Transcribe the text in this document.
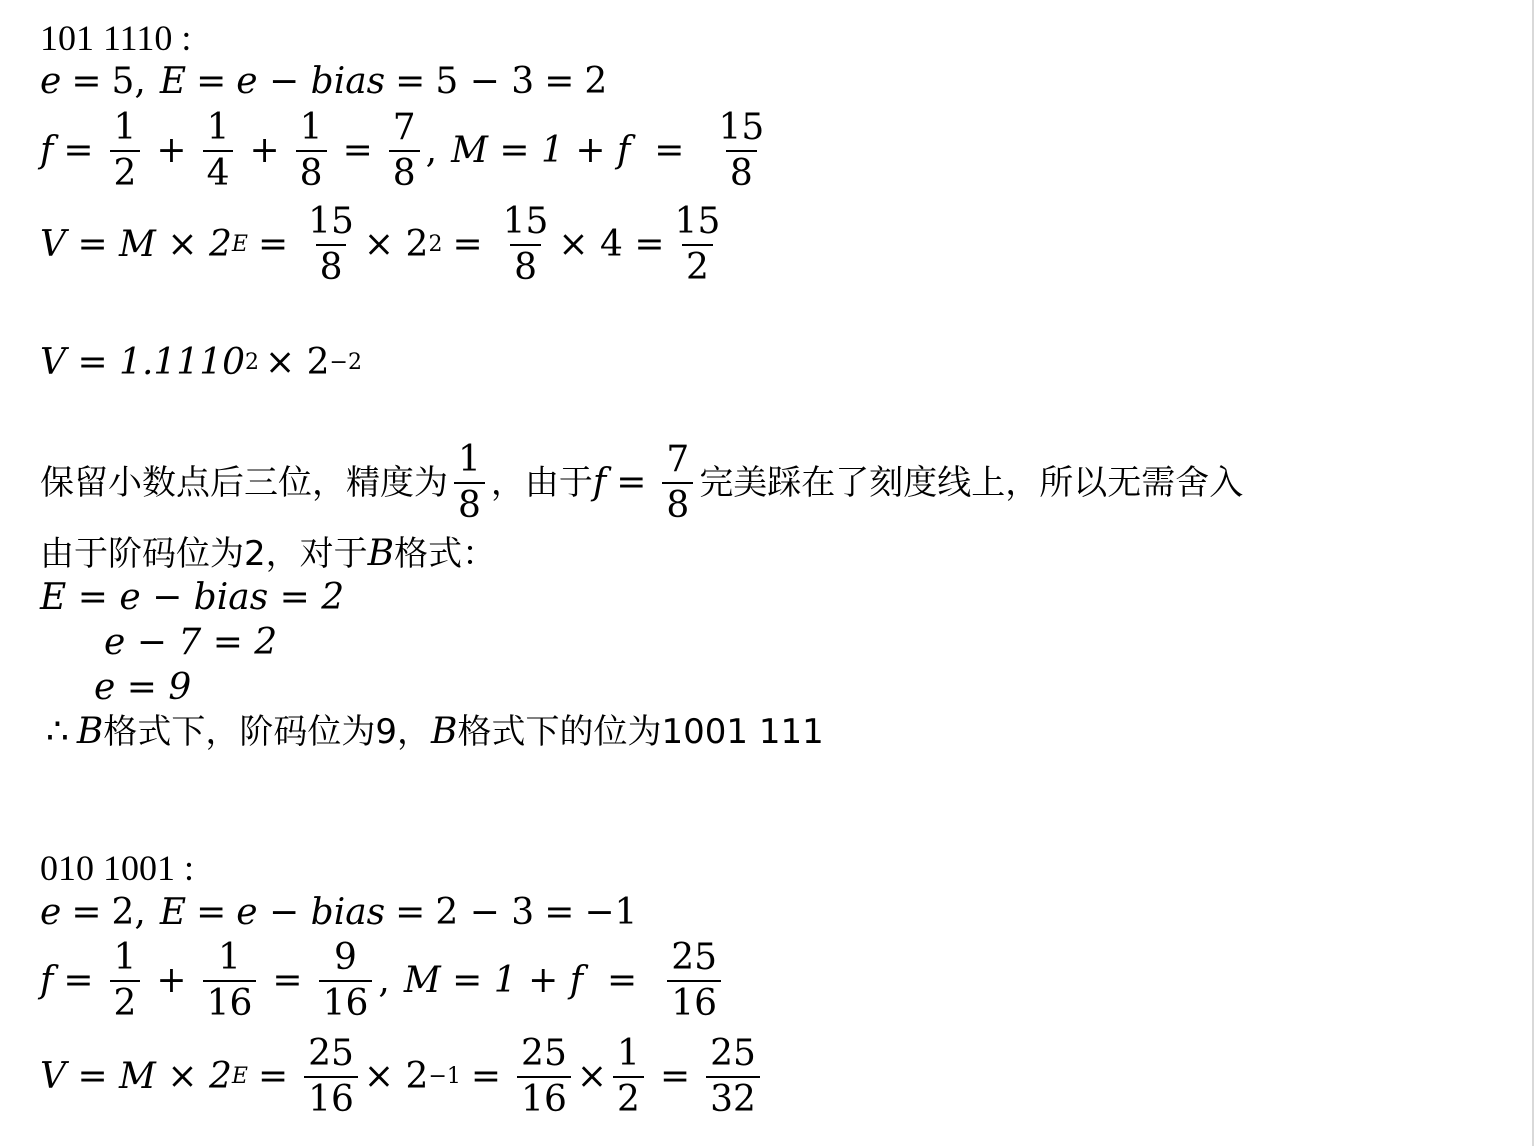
101 1110 :
e = 5, E = e − bias = 5 − 3 = 2
$f = \frac{1}{2} + \frac{1}{4} + \frac{1}{8} = \frac{7}{8}$ , $M = 1 + f = \frac{15}{8}$
V = M × 2 $E = \frac{15}{8} \times 2$ $2 = \frac{15}{8} \times 4 = \frac{15}{2}$
V = 1.1110 2 × 2 −2
保留小数点后三位，精度为 $\frac{1}{8}$ ，由于 $f = \frac{7}{8}$ 完美踩在了刻度线上，所以无需舍入
由于阶码位为2，对于 B 格式：
E = e − bias = 2
e − 7 = 2
e = 9
∴ B 格式下，阶码位为9， B 格式下的位为1001 111
010 1001 :
e = 2, E = e − bias = 2 − 3 = −1
$f = \frac{1}{2} + \frac{1}{16} = \frac{9}{16}$ , $M = 1 + f = \frac{25}{16}$
V = M × 2 $E = \frac{25}{16} \times 2 -1 = \frac{25}{16} \times \frac{1}{2} = \frac{25}{32}$
